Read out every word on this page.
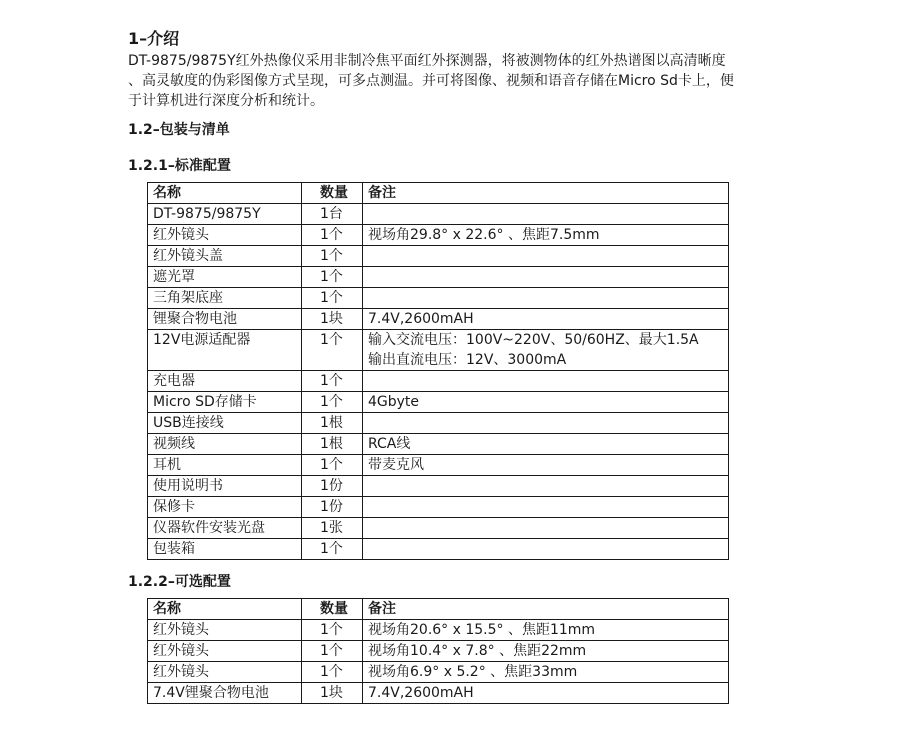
1–介绍

DT-9875/9875Y红外热像仪采用非制冷焦平面红外探测器，将被测物体的红外热谱图以高清晰度
、高灵敏度的伪彩图像方式呈现，可多点测温。并可将图像、视频和语音存储在Micro Sd卡上，便
于计算机进行深度分析和统计。

1.2–包装与清单
1.2.1–标准配置
名称	数量	备注
DT-9875/9875Y	1台	

红外镜头	1个	视场角29.8° x 22.6° 、焦距7.5mm

红外镜头盖	1个	

遮光罩	1个	

三角架底座	1个	

锂聚合物电池	1块	7.4V,2600mAH

12V电源适配器	1个	输入交流电压：100V~220V、50/60HZ、最大1.5A
输出直流电压：12V、3000mA

充电器	1个	

Micro SD存储卡	1个	4Gbyte

USB连接线	1根	

视频线	1根	RCA线

耳机	1个	带麦克风

使用说明书	1份	

保修卡	1份	

仪器软件安装光盘	1张	

包装箱	1个	
1.2.2–可选配置
名称	数量	备注
红外镜头	1个	视场角20.6° x 15.5° 、焦距11mm

红外镜头	1个	视场角10.4° x 7.8° 、焦距22mm

红外镜头	1个	视场角6.9° x 5.2° 、焦距33mm

7.4V锂聚合物电池	1块	7.4V,2600mAH
